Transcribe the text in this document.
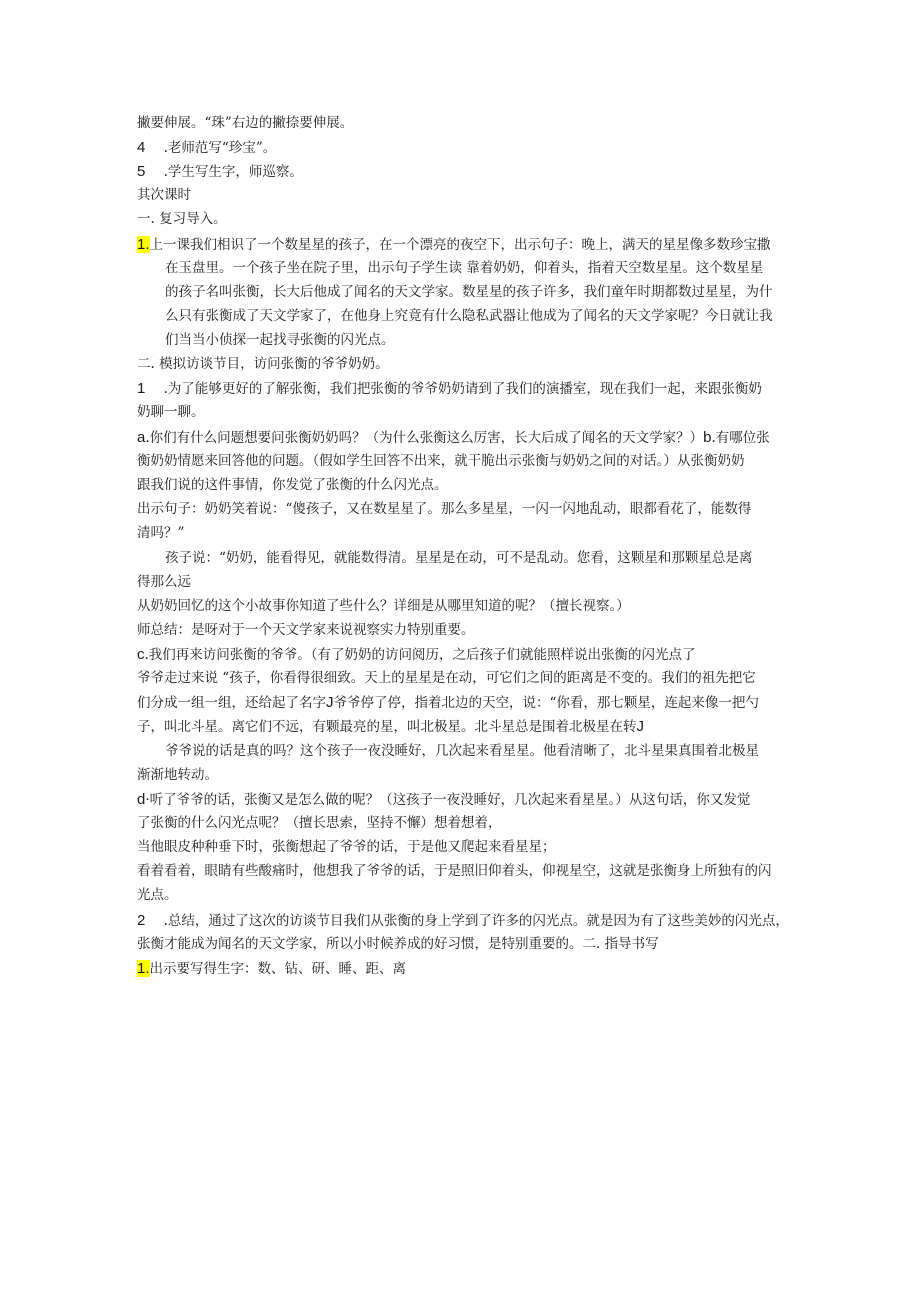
撇要伸展。“珠”右边的撇捺要伸展。
4 .老师范写“珍宝”。
5 .学生写生字，师巡察。
其次课时
一. 复习导入。
1.上一课我们相识了一个数星星的孩子，在一个漂亮的夜空下，出示句子：晚上，满天的星星像多数珍宝撒
在玉盘里。一个孩子坐在院子里，出示句子学生读 靠着奶奶，仰着头，指着天空数星星。这个数星星
的孩子名叫张衡，长大后他成了闻名的天文学家。数星星的孩子许多，我们童年时期都数过星星，为什
么只有张衡成了天文学家了，在他身上究竟有什么隐私武器让他成为了闻名的天文学家呢？今日就让我
们当当小侦探一起找寻张衡的闪光点。
二. 模拟访谈节目，访问张衡的爷爷奶奶。
1 .为了能够更好的了解张衡，我们把张衡的爷爷奶奶请到了我们的演播室，现在我们一起，来跟张衡奶
奶聊一聊。
a.你们有什么问题想要问张衡奶奶吗？（为什么张衡这么厉害，长大后成了闻名的天文学家？）b.有哪位张
衡奶奶情愿来回答他的问题。（假如学生回答不出来，就干脆出示张衡与奶奶之间的对话。）从张衡奶奶
跟我们说的这件事情，你发觉了张衡的什么闪光点。
出示句子：奶奶笑着说：“傻孩子，又在数星星了。那么多星星，一闪一闪地乱动，眼都看花了，能数得
清吗？”
孩子说：“奶奶，能看得见，就能数得清。星星是在动，可不是乱动。您看，这颗星和那颗星总是离
得那么远
从奶奶回忆的这个小故事你知道了些什么？详细是从哪里知道的呢？（擅长视察。）
师总结：是呀对于一个天文学家来说视察实力特别重要。
c.我们再来访问张衡的爷爷。（有了奶奶的访问阅历，之后孩子们就能照样说出张衡的闪光点了
爷爷走过来说 “孩子，你看得很细致。天上的星星是在动，可它们之间的距离是不变的。我们的祖先把它
们分成一组一组，还给起了名字J爷爷停了停，指着北边的天空，说：“你看，那七颗星，连起来像一把勺
子，叫北斗星。离它们不远，有颗最亮的星，叫北极星。北斗星总是围着北极星在转J
爷爷说的话是真的吗？这个孩子一夜没睡好，几次起来看星星。他看清晰了，北斗星果真围着北极星
渐渐地转动。
d·听了爷爷的话，张衡又是怎么做的呢？（这孩子一夜没睡好，几次起来看星星。）从这句话，你又发觉
了张衡的什么闪光点呢？（擅长思索，坚持不懈）想着想着，
当他眼皮种种垂下时，张衡想起了爷爷的话，于是他又爬起来看星星；
看着看着，眼睛有些酸痛时，他想我了爷爷的话，于是照旧仰着头，仰视星空，这就是张衡身上所独有的闪
光点。
2 .总结，通过了这次的访谈节目我们从张衡的身上学到了许多的闪光点。就是因为有了这些美妙的闪光点，
张衡才能成为闻名的天文学家，所以小时候养成的好习惯，是特别重要的。二. 指导书写
1.出示要写得生字：数、钻、研、睡、距、离
